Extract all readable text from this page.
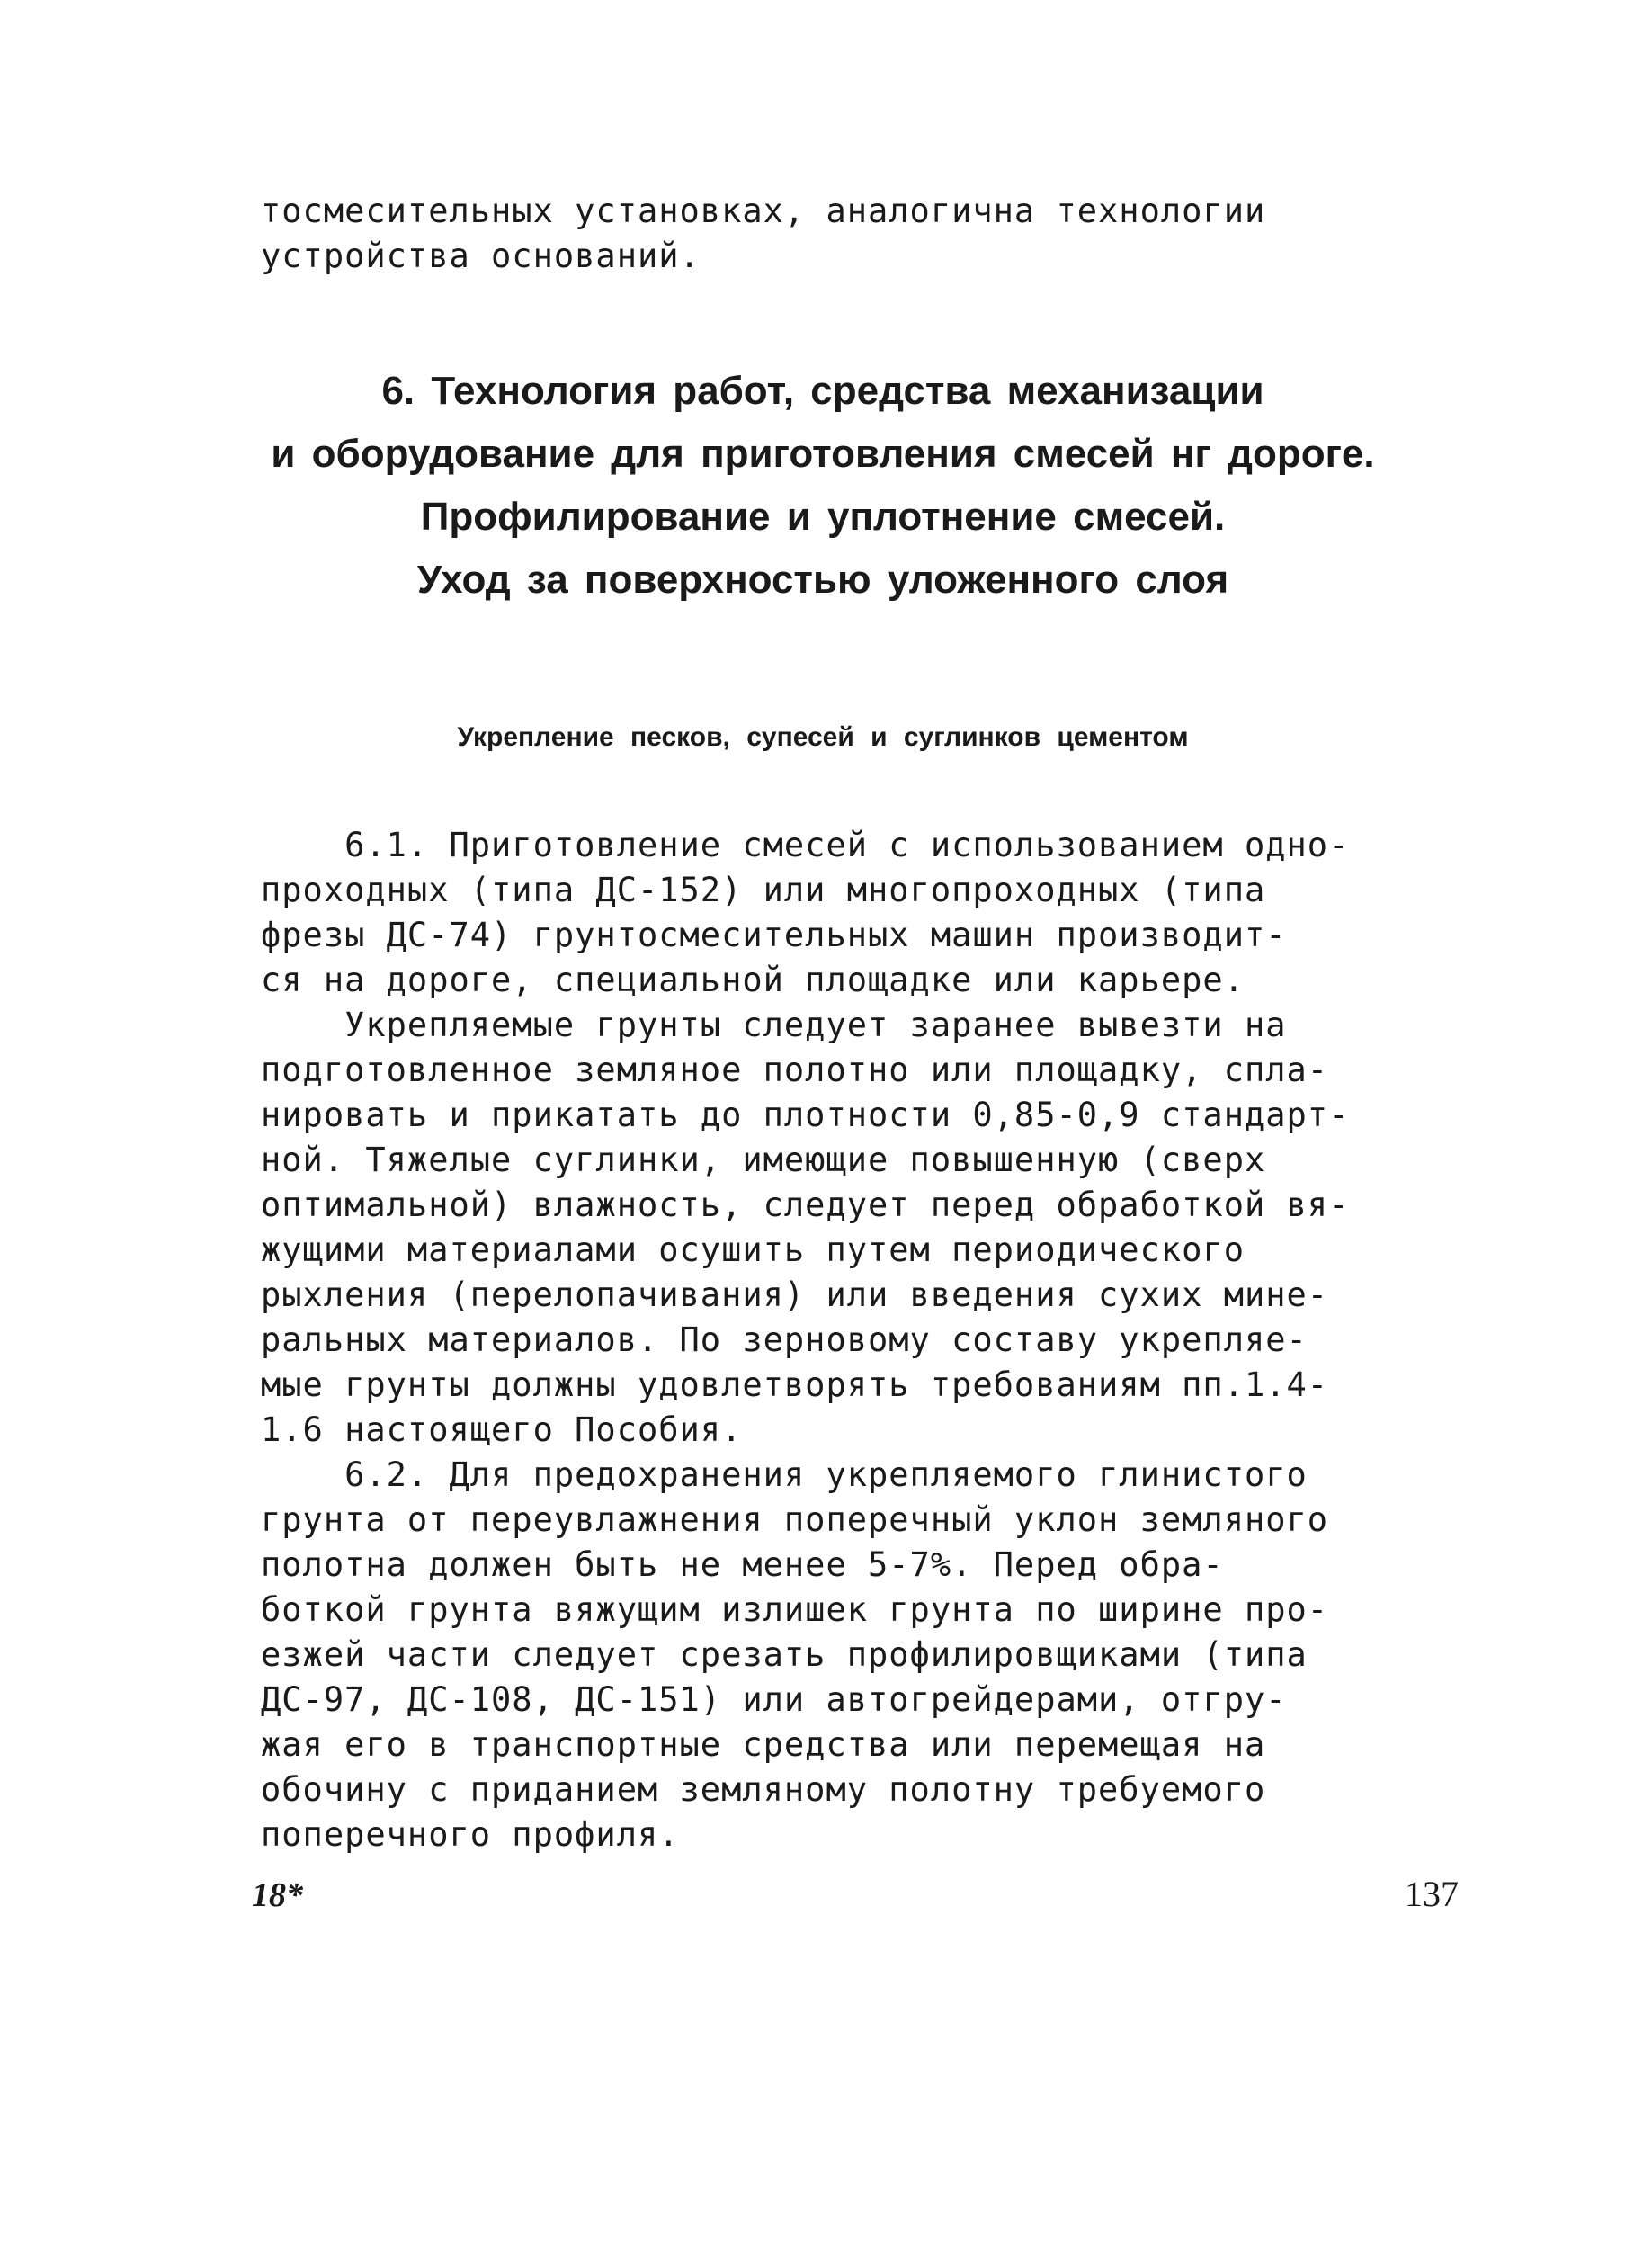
тосмесительных установках, аналогична технологии
устройства оснований.
6. Технология работ, средства механизации
и оборудование для приготовления смесей нг дороге.
Профилирование и уплотнение смесей.
Уход за поверхностью уложенного слоя
Укрепление песков, супесей и суглинков цементом
6.1. Приготовление смесей с использованием одно-
проходных (типа ДС-152) или многопроходных (типа
фрезы ДС-74) грунтосмесительных машин производит-
ся на дороге, специальной площадке или карьере.
Укрепляемые грунты следует заранее вывезти на
подготовленное земляное полотно или площадку, спла-
нировать и прикатать до плотности 0,85-0,9 стандарт-
ной. Тяжелые суглинки, имеющие повышенную (сверх
оптимальной) влажность, следует перед обработкой вя-
жущими материалами осушить путем периодического
рыхления (перелопачивания) или введения сухих мине-
ральных материалов. По зерновому составу укрепляе-
мые грунты должны удовлетворять требованиям пп.1.4-
1.6 настоящего Пособия.
6.2. Для предохранения укрепляемого глинистого
грунта от переувлажнения поперечный уклон земляного
полотна должен быть не менее 5-7%. Перед обра-
боткой грунта вяжущим излишек грунта по ширине про-
езжей части следует срезать профилировщиками (типа
ДС-97, ДС-108, ДС-151) или автогрейдерами, отгру-
жая его в транспортные средства или перемещая на
обочину с приданием земляному полотну требуемого
поперечного профиля.
18*	137
